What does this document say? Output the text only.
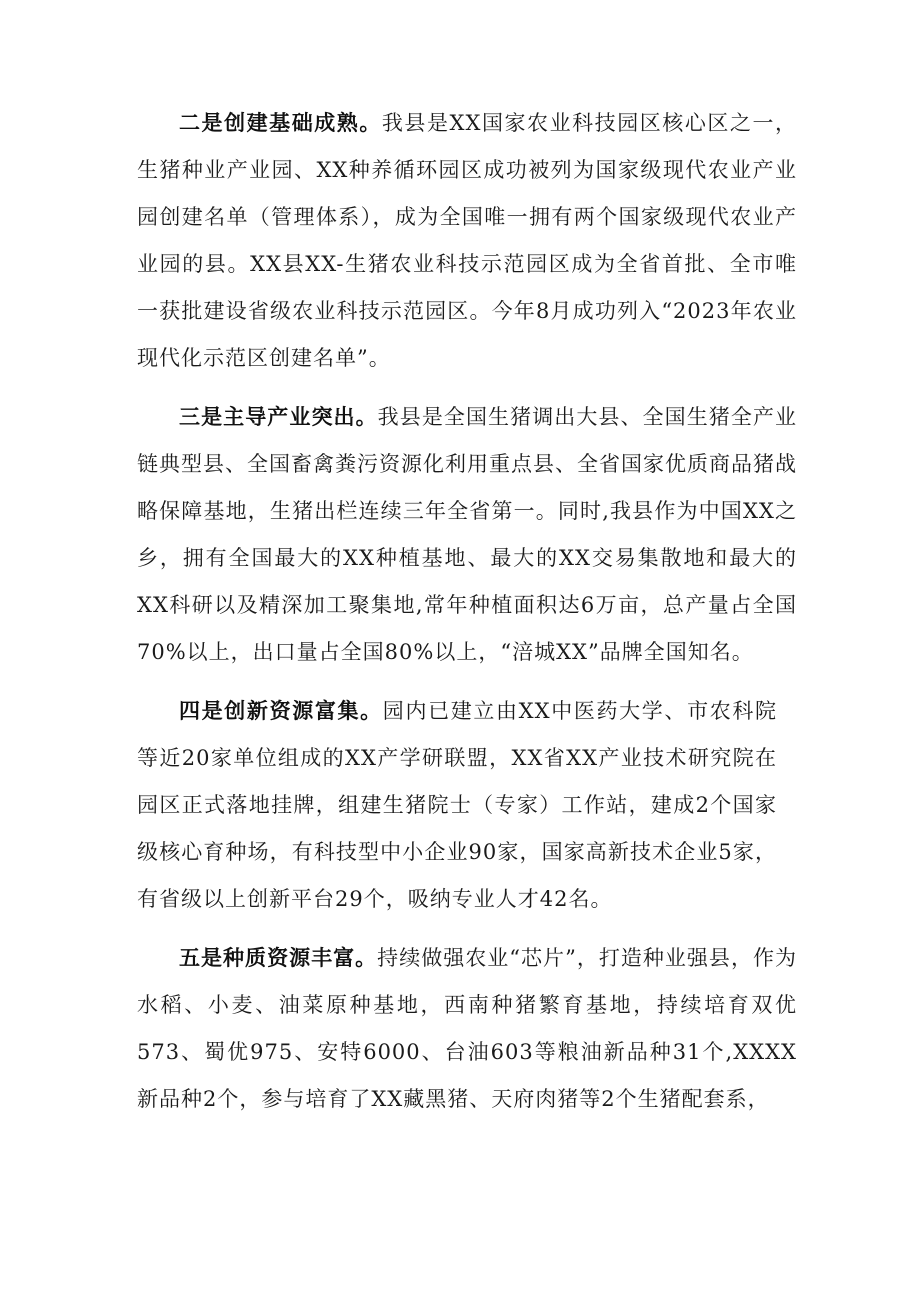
二是创建基础成熟。我县是XX国家农业科技园区核心区之一，生猪种业产业园、XX种养循环园区成功被列为国家级现代农业产业园创建名单（管理体系），成为全国唯一拥有两个国家级现代农业产业园的县。XX县XX-生猪农业科技示范园区成为全省首批、全市唯一获批建设省级农业科技示范园区。今年8月成功列入“2023年农业现代化示范区创建名单”。

三是主导产业突出。我县是全国生猪调出大县、全国生猪全产业链典型县、全国畜禽粪污资源化利用重点县、全省国家优质商品猪战略保障基地，生猪出栏连续三年全省第一。同时,我县作为中国XX之乡，拥有全国最大的XX种植基地、最大的XX交易集散地和最大的XX科研以及精深加工聚集地,常年种植面积达6万亩，总产量占全国70%以上，出口量占全国80%以上，“涪城XX”品牌全国知名。

四是创新资源富集。园内已建立由XX中医药大学、市农科院等近20家单位组成的XX产学研联盟，XX省XX产业技术研究院在园区正式落地挂牌，组建生猪院士（专家）工作站，建成2个国家级核心育种场，有科技型中小企业90家，国家高新技术企业5家，有省级以上创新平台29个，吸纳专业人才42名。

五是种质资源丰富。持续做强农业“芯片”，打造种业强县，作为水稻、小麦、油菜原种基地，西南种猪繁育基地，持续培育双优573、蜀优975、安特6000、台油603等粮油新品种31个,XXXX新品种2个，参与培育了XX藏黑猪、天府肉猪等2个生猪配套系，
